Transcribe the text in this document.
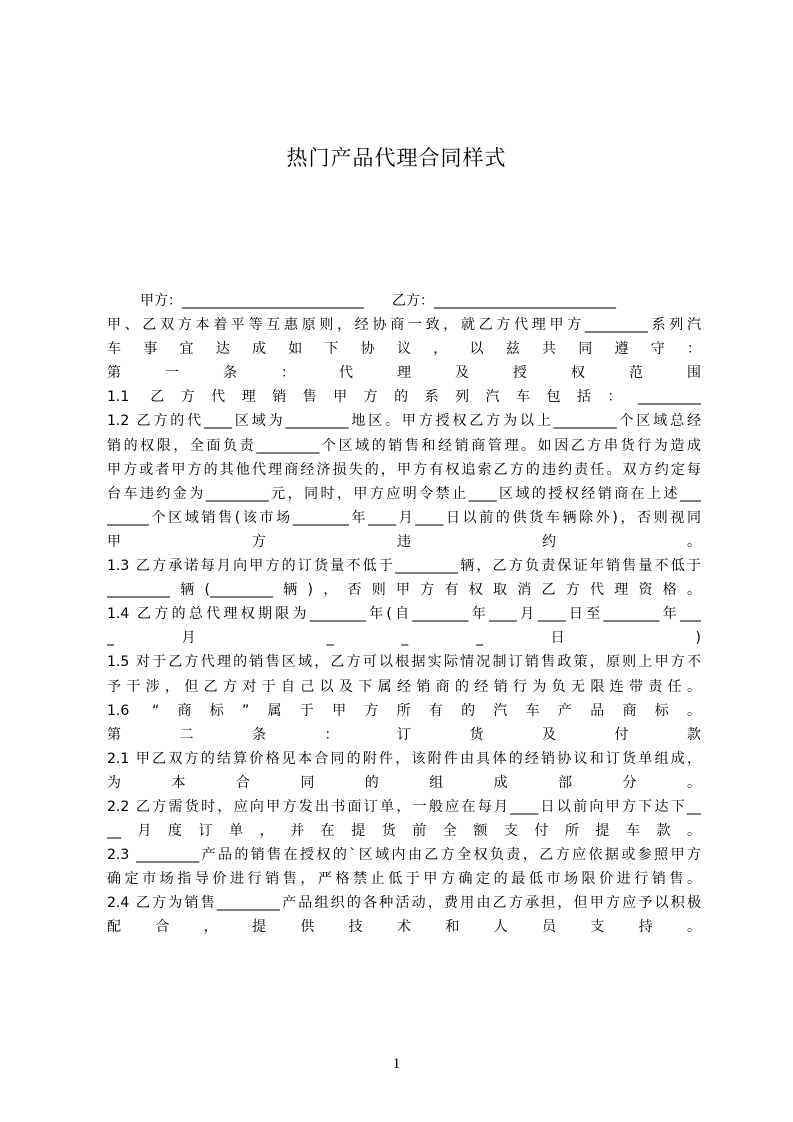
热门产品代理合同样式
甲方：__________________________　　乙方：__________________________
甲、乙双方本着平等互惠原则，经协商一致，就乙方代理甲方_________系列汽
车 事 宜 达 成 如 下 协 议 ， 以 兹 共 同 遵 守 ：
第 一 条 ： 代 理 及 授 权 范 围
1.1 乙方代理销售甲方的系列汽车包括：_________
1.2 乙方的代____区域为_________地区。甲方授权乙方为以上_________个区域总经
销的权限，全面负责_________个区域的销售和经销商管理。如因乙方串货行为造成
甲方或者甲方的其他代理商经济损失的，甲方有权追索乙方的违约责任。双方约定每
台车违约金为_________元，同时，甲方应明令禁止____区域的授权经销商在上述___
______个区域销售(该市场________年____月____日以前的供货车辆除外)，否则视同
甲 方 违 约 。
1.3 乙方承诺每月向甲方的订货量不低于_________辆，乙方负责保证年销售量不低于
_________辆(_________辆)，否则甲方有权取消乙方代理资格。
1.4 乙方的总代理权期限为________年(自________年____月____日至________年___
_ 月 _ _ _ 日 )
1.5 对于乙方代理的销售区域，乙方可以根据实际情况制订销售政策，原则上甲方不
予干涉，但乙方对于自己以及下属经销商的经销行为负无限连带责任。
1.6 “商标”属于甲方所有的汽车产品商标。
第 二 条 ： 订 货 及 付 款
2.1 甲乙双方的结算价格见本合同的附件，该附件由具体的经销协议和订货单组成，
为 本 合 同 的 组 成 部 分 。
2.2 乙方需货时，应向甲方发出书面订单，一般应在每月____日以前向甲方下达下__
__月度订单，并在提货前全额支付所提车款。
2.3 _________产品的销售在授权的`区域内由乙方全权负责，乙方应依据或参照甲方
确定市场指导价进行销售，严格禁止低于甲方确定的最低市场限价进行销售。
2.4 乙方为销售_________产品组织的各种活动，费用由乙方承担，但甲方应予以积极
配 合 ， 提 供 技 术 和 人 员 支 持 。
1
